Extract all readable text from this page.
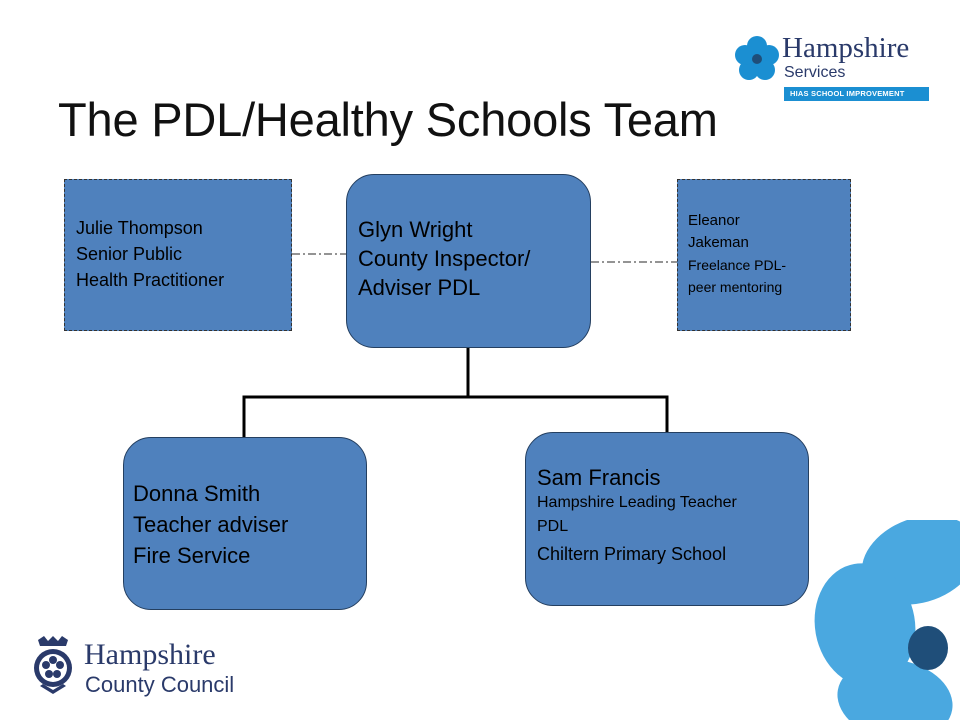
Hampshire
Services
HIAS SCHOOL IMPROVEMENT
The PDL/Healthy Schools Team
Julie Thompson
Senior Public
Health Practitioner
Glyn Wright
County Inspector/
Adviser PDL
Eleanor
Jakeman
Freelance PDL-
peer mentoring
Donna Smith
Teacher adviser
Fire Service
Sam Francis
Hampshire Leading Teacher
PDL
Chiltern Primary School
Hampshire
County Council
